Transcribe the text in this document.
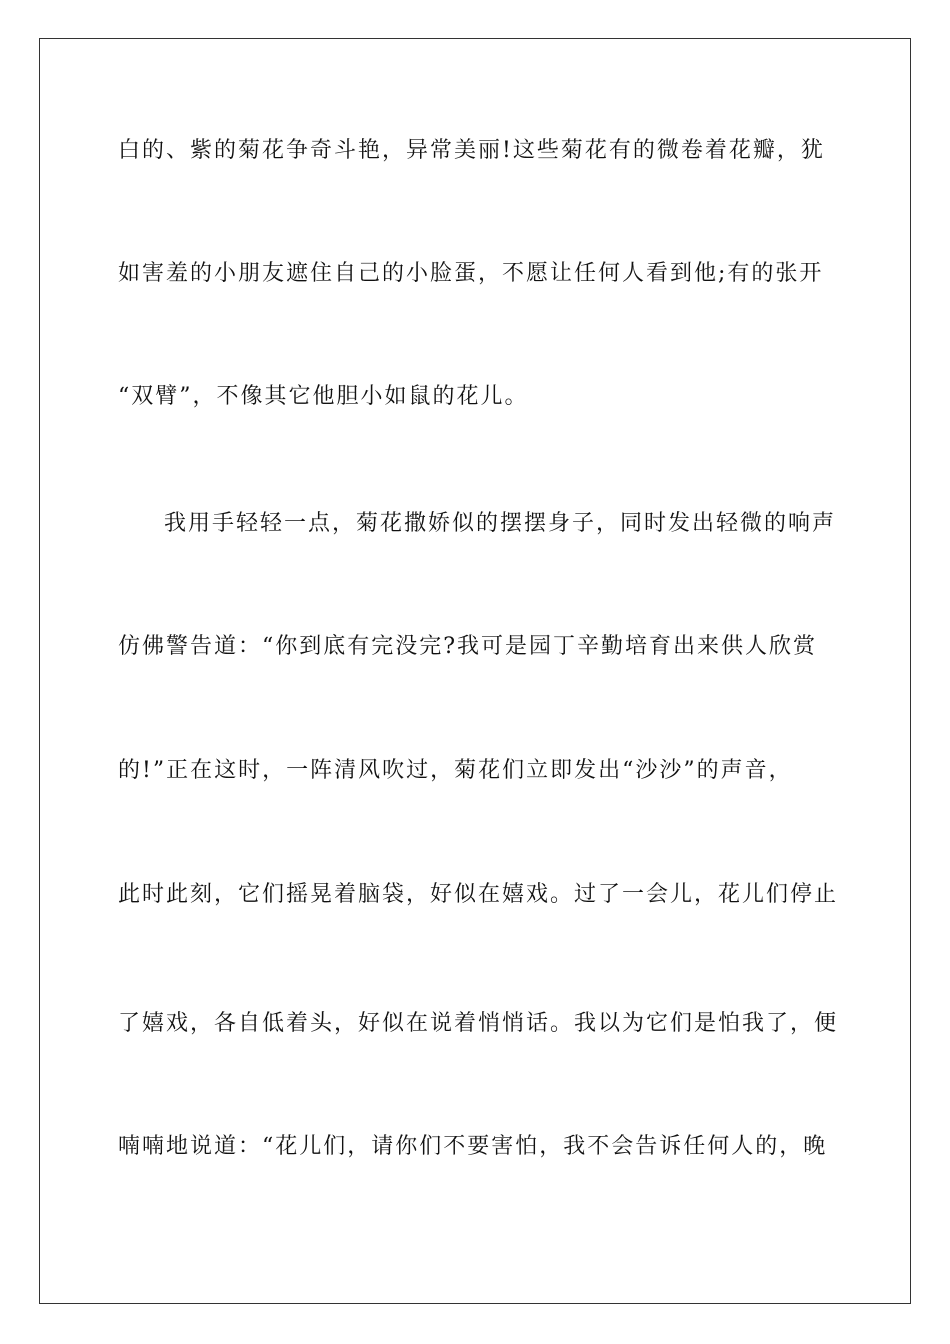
白的、紫的菊花争奇斗艳，异常美丽!这些菊花有的微卷着花瓣，犹
如害羞的小朋友遮住自己的小脸蛋，不愿让任何人看到他;有的张开
“双臂”，不像其它他胆小如鼠的花儿。
我用手轻轻一点，菊花撒娇似的摆摆身子，同时发出轻微的响声
仿佛警告道：“你到底有完没完?我可是园丁辛勤培育出来供人欣赏
的!”正在这时，一阵清风吹过，菊花们立即发出“沙沙”的声音，
此时此刻，它们摇晃着脑袋，好似在嬉戏。过了一会儿，花儿们停止
了嬉戏，各自低着头，好似在说着悄悄话。我以为它们是怕我了，便
喃喃地说道：“花儿们，请你们不要害怕，我不会告诉任何人的，晚
